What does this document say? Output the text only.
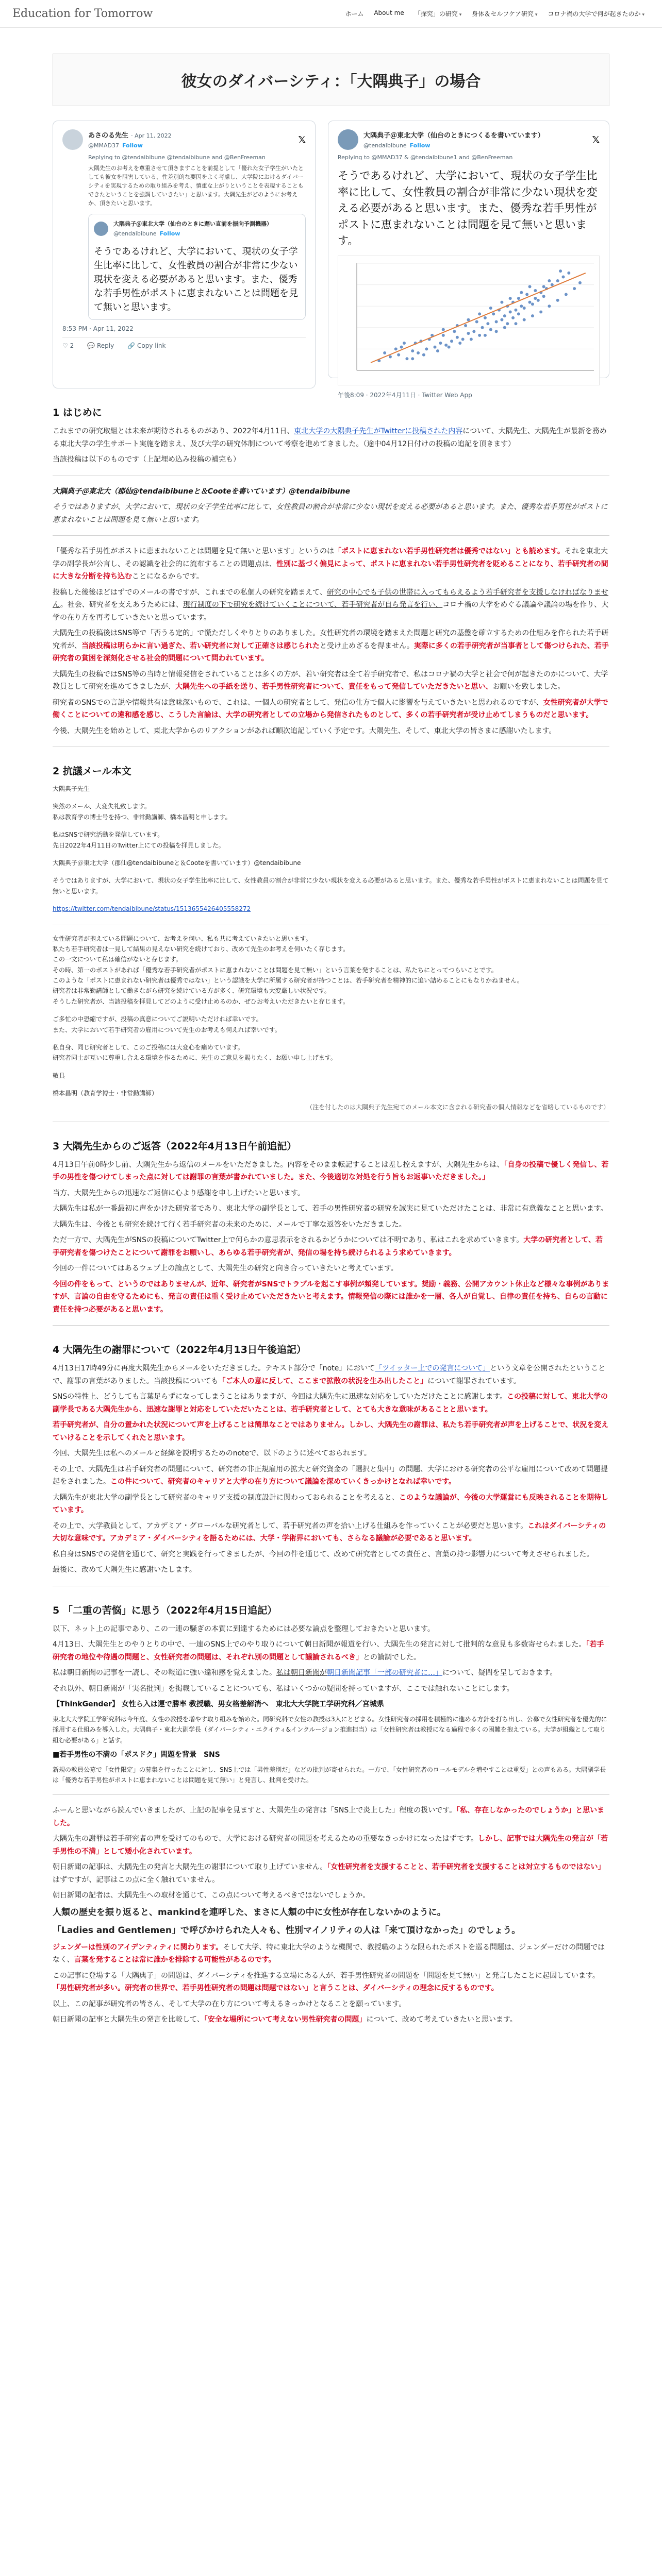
Education for Tomorrow	ホーム	About me	「探究」の研究 ▾	身体＆セルフケア研究 ▾	コロナ禍の大学で何が起きたのか ▾
彼女のダイバーシティ：「大隅典子」の場合
あさのる先生 · Apr 11, 2022
@MMAD37 Follow
𝕏
Replying to @tendaibibune @tendaibibune and @BenFreeman
大隅先生のお考えを尊重させて頂きますことを前提として「優れた女子学生がいたとしても彼女を阻害している、性差別的な要因をよく考慮し、大学院におけるダイバーシティを実現するための取り組みを考え、慎重な上がりということを表現することもできたということを強調していきたい」と思います。大隅先生がどのようにお考えか、頂きたいと思います。
大隅典子＠東北大学（仙台のときに遅い直前を振向予測機器）
@tendaibibune Follow
そうであるけれど、大学において、現状の女子学生比率に比して、女性教員の割合が非常に少ない現状を変える必要があると思います。また、優秀な若手男性がポストに恵まれないことは問題を見て無いと思います。
8:53 PM · Apr 11, 2022
♡ 2 💬 Reply 🔗 Copy link
大隅典子＠東北大学（仙台のときにつくるを書いています）
@tendaibibune Follow
𝕏
Replying to @MMAD37 & @tendaibibune1 and @BenFreeman
そうであるけれど、大学において、現状の女子学生比率に比して、女性教員の割合が非常に少ない現状を変える必要があると思います。また、優秀な若手男性がポストに恵まれないことは問題を見て無いと思います。
午後8:09 · 2022年4月11日 · Twitter Web App
1 はじめに

これまでの研究取組とは未来が期待されるものがあり、2022年4月11日、東北大学の大隅典子先生がTwitterに投稿された内容について、大隅先生、大隅先生が最新を務める東北大学の学生サポート実施を踏まえ、及び大学の研究体制について考察を進めてきました。（途中04月12日付けの投稿の追記を頂きます）

当該投稿は以下のものです（上記埋め込み投稿の補完も）

大隅典子＠東北大（郡仙@tendaibibuneと＆Cooteを書いています）@tendaibibune

そうではありますが、大学において、現状の女子学生比率に比して、女性教員の割合が非常に少ない現状を変える必要があると思います。また、優秀な若手男性がポストに恵まれないことは問題を見て無いと思います。

「優秀な若手男性がポストに恵まれないことは問題を見て無いと思います」というのは「ポストに恵まれない若手男性研究者は優秀ではない」とも読めます。それを東北大学の副学長が公言し、その認識を社会的に流布することの問題点は、性別に基づく偏見によって、ポストに恵まれない若手男性研究者を貶めることになり、若手研究者の間に大きな分断を持ち込むことになるからです。

投稿した後後ほどはずでのメールの書ですが、これまでの私個人の研究を踏まえて、研究の中心でも子供の世帯に入ってもらえるよう若手研究者を支援しなければなりません。社会、研究者を支えあうためには、現行制度の下で研究を続けていくことについて、若手研究者が自ら発言を行い、コロナ禍の大学をめぐる議論や議論の場を作り、大学の在り方を再考していきたいと思っています。

大隅先生の投稿後はSNS等で「否うる定的」で慌ただしくやりとりのありました。女性研究者の環境を踏まえた問題と研究の基盤を確立するための仕組みを作られた若手研究者が、当該投稿は明らかに言い過ぎた、若い研究者に対して正確さは感じられたと受け止めざるを得ません。実際に多くの若手研究者が当事者として傷つけられた、若手研究者の貧困を深刻化させる社会的問題について問われています。

大隅先生の投稿ではSNS等の当時と情報発信をされていることは多くの方が、若い研究者は全て若手研究者で、私はコロナ禍の大学と社会で何が起きたのかについて、大学教員として研究を進めてきましたが、大隅先生への手紙を送り、若手男性研究者について、責任をもって発信していただきたいと思い、お願いを致しました。

研究者のSNSでの言説や情報共有は意味深いもので、これは、一個人の研究者として、発信の仕方で個人に影響を与えていきたいと思われるのですが、女性研究者が大学で働くことについての違和感を感じ、こうした言論は、大学の研究者としての立場から発信されたものとして、多くの若手研究者が受け止めてしまうものだと思います。

今後、大隅先生を始めとして、東北大学からのリアクションがあれば順次追記していく予定です。大隅先生、そして、東北大学の皆さまに感謝いたします。

2 抗議メール本文
大隅典子先生
突然のメール、大変失礼致します。
私は教育学の博士号を持つ、非常勤講師、橋本昌明と申します。
私はSNSで研究活動を発信しています。
先日2022年4月11日のTwitter上にての投稿を拝見しました。
大隅典子＠東北大学（郡仙@tendaibibuneと＆Cooteを書いています）@tendaibibune
そうではありますが、大学において、現状の女子学生比率に比して、女性教員の割合が非常に少ない現状を変える必要があると思います。また、優秀な若手男性がポストに恵まれないことは問題を見て無いと思います。
https://twitter.com/tendaibibune/status/1513655426405558272
女性研究者が抱えている問題について、お考えを伺い、私も共に考えていきたいと思います。
私たち若手研究者は一見して結果の見えない研究を続けており、改めて先生のお考えを伺いたく存じます。
この一文について私は確信がないと存じます。
その時、第一のポストがあれば「優秀な若手研究者がポストに恵まれないことは問題を見て無い」という言葉を発することは、私たちにとってつらいことです。
このような「ポストに恵まれない研究者は優秀ではない」という認識を大学に所属する研究者が持つことは、若手研究者を精神的に追い詰めることにもなりかねません。
研究者は非常勤講師として働きながら研究を続けている方が多く、研究環境も大変厳しい状況です。
そうした研究者が、当該投稿を拝見してどのように受け止めるのか、ぜひお考えいただきたいと存じます。
ご多忙の中恐縮ですが、投稿の真意についてご説明いただければ幸いです。
また、大学において若手研究者の雇用について先生のお考えも伺えれば幸いです。
私自身、同じ研究者として、このご投稿には大変心を痛めています。
研究者同士が互いに尊重し合える環境を作るために、先生のご意見を賜りたく、お願い申し上げます。
敬具
橋本昌明（教育学博士・非常勤講師）

（注を付したのは大隅典子先生宛てのメール本文に含まれる研究者の個人情報などを省略しているものです）

3 大隅先生からのご返答（2022年4月13日午前追記）

4月13日午前0時少し前、大隅先生から返信のメールをいただきました。内容をそのまま転記することは差し控えますが、大隅先生からは、「自身の投稿で優しく発信し、若手の男性を傷つけてしまった点に対しては謝罪の言葉が書かれていました。また、今後適切な対処を行う旨もお返事いただきました。」

当方、大隅先生からの迅速なご返信に心より感謝を申し上げたいと思います。

大隅先生は私が一番最初に声をかけた研究者であり、東北大学の副学長として、若手の男性研究者の研究を誠実に見ていただけたことは、非常に有意義なことと思います。

大隅先生は、今後とも研究を続けて行く若手研究者の未来のために、メールで丁寧な返答をいただきました。

ただ一方で、大隅先生がSNSの投稿についてTwitter上で何らかの意思表示をされるかどうかについては不明であり、私はこれを求めていきます。大学の研究者として、若手研究者を傷つけたことについて謝罪をお願いし、あらゆる若手研究者が、発信の場を持ち続けられるよう求めていきます。

今回の一件についてはあるウェブ上の論点として、大隅先生の研究と向き合っていきたいと考えています。

今回の件をもって、というのではありませんが、近年、研究者がSNSでトラブルを起こす事例が頻発しています。奨励・義務、公開アカウント休止など様々な事例がありますが、言論の自由を守るためにも、発言の責任は重く受け止めていただきたいと考えます。情報発信の際には誰かを一層、各人が自覚し、自律の責任を持ち、自らの言動に責任を持つ必要があると思います。

4 大隅先生の謝罪について（2022年4月13日午後追記）

4月13日17時49分に再度大隅先生からメールをいただきました。テキスト部分で「note」において「ツイッター上での発言について」という文章を公開されたということで、謝罪の言葉がありました。当該投稿についても「ご本人の意に反して、ここまで拡散の状況を生み出したこと」について謝罪されています。

SNSの特性上、どうしても言葉足らずになってしまうことはありますが、今回は大隅先生に迅速な対応をしていただけたことに感謝します。この投稿に対して、東北大学の副学長である大隅先生から、迅速な謝罪と対応をしていただいたことは、若手研究者として、とても大きな意味があることと思います。

若手研究者が、自分の置かれた状況について声を上げることは簡単なことではありません。しかし、大隅先生の謝罪は、私たち若手研究者が声を上げることで、状況を変えていけることを示してくれたと思います。

今回、大隅先生は私へのメールと経緯を説明するためのnoteで、以下のように述べておられます。

その上で、大隅先生は若手研究者の問題について、研究者の非正規雇用の拡大と研究資金の「選択と集中」の問題、大学における研究者の公平な雇用について改めて問題提起をされました。この件について、研究者のキャリアと大学の在り方について議論を深めていくきっかけとなれば幸いです。

大隅先生が東北大学の副学長として研究者のキャリア支援の制度設計に関わっておられることを考えると、このような議論が、今後の大学運営にも反映されることを期待しています。

その上で、大学教員として、アカデミア・グローバルな研究者として、若手研究者の声を拾い上げる仕組みを作っていくことが必要だと思います。これはダイバーシティの大切な意味です。アカデミア・ダイバーシティを語るためには、大学・学術界においても、さらなる議論が必要であると思います。

私自身はSNSでの発信を通じて、研究と実践を行ってきましたが、今回の件を通じて、改めて研究者としての責任と、言葉の持つ影響力について考えさせられました。

最後に、改めて大隅先生に感謝いたします。

5 「二重の苦悩」に思う（2022年4月15日追記）

以下、ネット上の記事であり、この一連の騒ぎの本質に到達するためには必要な論点を整理しておきたいと思います。

4月13日、大隅先生とのやりとりの中で、一連のSNS上でのやり取りについて朝日新聞が報道を行い、大隅先生の発言に対して批判的な意見も多数寄せられました。「若手研究者の地位や待遇の問題と、女性研究者の問題は、それぞれ別の問題として議論されるべき」との論調でした。

私は朝日新聞の記事を一読し、その報道に強い違和感を覚えました。私は朝日新聞が朝日新聞記事「一部の研究者に…」について、疑問を呈しておきます。

それ以外、朝日新聞が「実名批判」を掲載していることについても、私はいくつかの疑問を持っていますが、ここでは触れないことにします。

【ThinkGender】 女性ら入は運で勝率 教授職、男女格差解消へ　東北大大学院工学研究科／宮城県

東北大大学院工学研究科は今年度、女性の教授を増やす取り組みを始めた。同研究科で女性の教授は3人にとどまる。女性研究者の採用を積極的に進める方針を打ち出し、公募で女性研究者を優先的に採用する仕組みを導入した。大隅典子・東北大副学長（ダイバーシティ・エクイティ&インクルージョン推進担当）は「女性研究者は教授になる過程で多くの困難を抱えている。大学が組織として取り組む必要がある」と話す。

■若手男性の不満の「ポスドク」問題を背景　SNS

新規の教員公募で「女性限定」の募集を行ったことに対し、SNS上では「男性差別だ」などの批判が寄せられた。一方で、「女性研究者のロールモデルを増やすことは重要」との声もある。大隅副学長は「優秀な若手男性がポストに恵まれないことは問題を見て無い」と発言し、批判を受けた。

ふーんと思いながら読んでいきましたが、上記の記事を見ますと、大隅先生の発言は「SNS上で炎上した」程度の扱いです。「私、存在しなかったのでしょうか」と思いました。

大隅先生の謝罪は若手研究者の声を受けてのもので、大学における研究者の問題を考えるための重要なきっかけになったはずです。しかし、記事では大隅先生の発言が「若手男性の不満」として矮小化されています。

朝日新聞の記事は、大隅先生の発言と大隅先生の謝罪について取り上げていません。「女性研究者を支援することと、若手研究者を支援することは対立するものではない」はずですが、記事はこの点に全く触れていません。

朝日新聞の記者は、大隅先生への取材を通じて、この点について考えるべきではないでしょうか。

人類の歴史を振り返ると、mankindを連呼した、まさに人類の中に女性が存在しないかのように。

「Ladies and Gentlemen」で呼びかけられた人々も、性別マイノリティの人は「来て頂けなかった」のでしょう。

ジェンダーは性別のアイデンティティに関わります。そして大学、特に東北大学のような機関で、教授職のような限られたポストを巡る問題は、ジェンダーだけの問題ではなく、言葉を発することは常に誰かを排除する可能性があるのです。

この記事に登場する「大隅典子」の問題は、ダイバーシティを推進する立場にある人が、若手男性研究者の問題を「問題を見て無い」と発言したことに起因しています。「男性研究者が多い。研究者の世界で、若手男性研究者の問題は問題ではない」と言うことは、ダイバーシティの理念に反するものです。

以上、この記事が研究者の皆さん、そして大学の在り方について考えるきっかけとなることを願っています。

朝日新聞の記事と大隅先生の発言を比較して、「安全な場所について考えない男性研究者の問題」について、改めて考えていきたいと思います。
